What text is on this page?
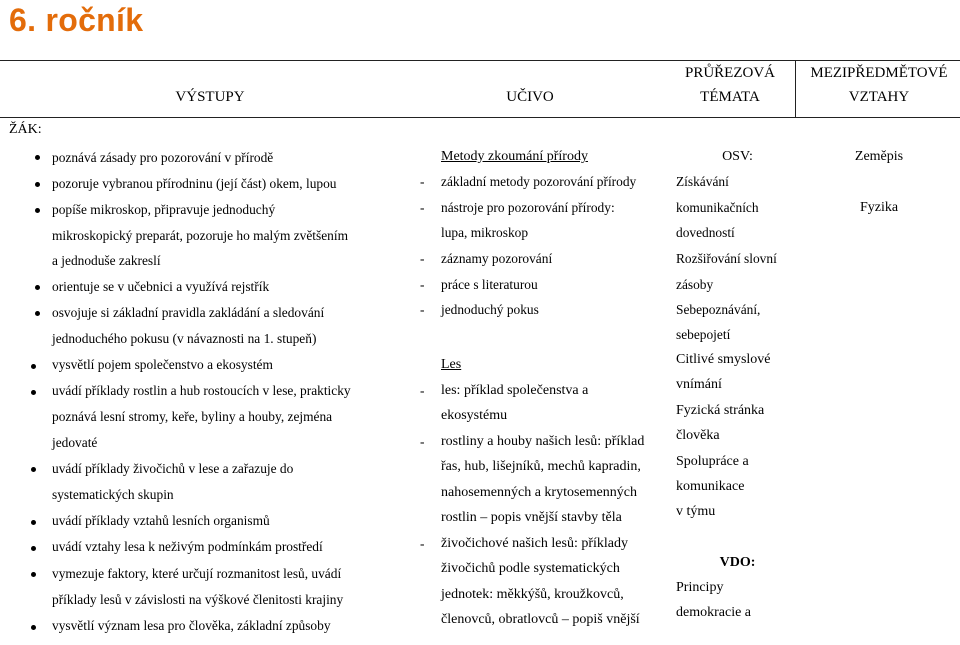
6. ročník
VÝSTUPY	UČIVO
PRŮŘEZOVÁ
TÉMATA
MEZIPŘEDMĚTOVÉ
VZTAHY
ŽÁK:
poznává zásady pro pozorování v přírodě
pozoruje vybranou přírodninu (její část) okem, lupou
popíše mikroskop, připravuje jednoduchý
mikroskopický preparát, pozoruje ho malým zvětšením
a jednoduše zakreslí
orientuje se v učebnici a využívá rejstřík
osvojuje si základní pravidla zakládání a sledování
jednoduchého pokusu (v návaznosti na 1. stupeň)
vysvětlí pojem společenstvo a ekosystém
uvádí příklady rostlin a hub rostoucích v lese, prakticky
poznává lesní stromy, keře, byliny a houby, zejména
jedovaté
uvádí příklady živočichů v lese a zařazuje do
systematických skupin
uvádí příklady vztahů lesních organismů
uvádí vztahy lesa k neživým podmínkám prostředí
vymezuje faktory, které určují rozmanitost lesů, uvádí
příklady lesů v závislosti na výškové členitosti krajiny
vysvětlí význam lesa pro člověka, základní způsoby
Metody zkoumání přírody
- základní metody pozorování přírody
- nástroje pro pozorování přírody:
lupa, mikroskop
- záznamy pozorování
- práce s literaturou
- jednoduchý pokus
Les
- les: příklad společenstva a
ekosystému
- rostliny a houby našich lesů: příklad
řas, hub, lišejníků, mechů kapradin,
nahosemenných a krytosemenných
rostlin – popis vnější stavby těla
- živočichové našich lesů: příklady
živočichů podle systematických
jednotek: měkkýšů, kroužkovců,
členovců, obratlovců – popiš vnější
OSV:
Získávání
komunikačních
dovedností
Rozšiřování slovní
zásoby
Sebepoznávání,
sebepojetí
Citlivé smyslové
vnímání
Fyzická stránka
člověka
Spolupráce a
komunikace
v týmu
VDO:
Principy
demokracie a
Zeměpis
Fyzika
